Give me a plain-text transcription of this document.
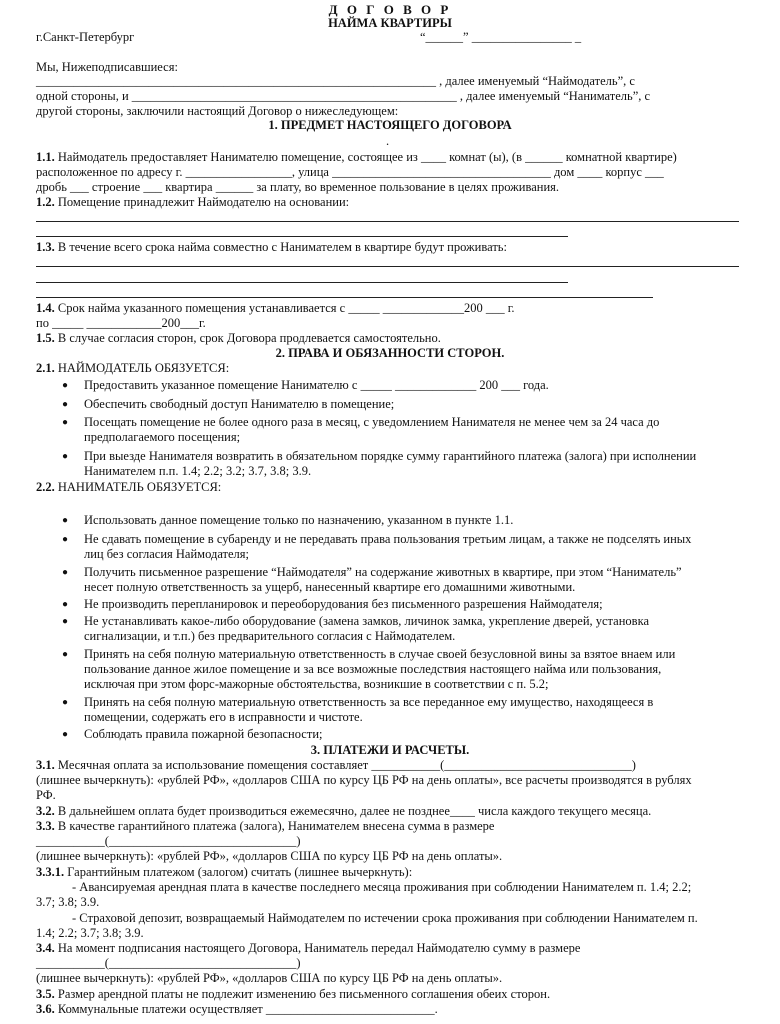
Д О Г О В О Р
НАЙМА КВАРТИРЫ
г.Санкт-Петербург	“______” ________________ _
Мы, Нижеподписавшиеся:
________________________________________________________________ , далее именуемый “Наймодатель”, с
одной стороны, и ____________________________________________________ , далее именуемый “Наниматель”, с
другой стороны, заключили настоящий Договор о нижеследующем:
1. ПРЕДМЕТ НАСТОЯЩЕГО ДОГОВОРА
.
1.1. Наймодатель предоставляет Нанимателю помещение, состоящее из ____ комнат (ы), (в ______ комнатной квартире)
расположенное по адресу г. _________________, улица ___________________________________ дом ____ корпус ___
дробь ___ строение ___ квартира ______ за плату, во временное пользование в целях проживания.
1.2. Помещение принадлежит Наймодателю на основании:
1.3. В течение всего срока найма совместно с Нанимателем в квартире будут проживать:
1.4. Срок найма указанного помещения устанавливается с _____ _____________200 ___ г.
по _____ ____________200___г.
1.5. В случае согласия сторон, срок Договора продлевается самостоятельно.
2. ПРАВА И ОБЯЗАННОСТИ СТОРОН.
2.1. НАЙМОДАТЕЛЬ ОБЯЗУЕТСЯ:
● Предоставить указанное помещение Нанимателю с _____ _____________ 200 ___ года.
● Обеспечить свободный доступ Нанимателю в помещение;
● Посещать помещение не более одного раза в месяц, с уведомлением Нанимателя не менее чем за 24 часа до
предполагаемого посещения;
● При выезде Нанимателя возвратить в обязательном порядке сумму гарантийного платежа (залога) при исполнении
Нанимателем п.п. 1.4; 2.2; 3.2; 3.7, 3.8; 3.9.
2.2. НАНИМАТЕЛЬ ОБЯЗУЕТСЯ:
● Использовать данное помещение только по назначению, указанном в пункте 1.1.
● Не сдавать помещение в субаренду и не передавать права пользования третьим лицам, а также не подселять иных
лиц без согласия Наймодателя;
● Получить письменное разрешение “Наймодателя” на содержание животных в квартире, при этом “Наниматель”
несет полную ответственность за ущерб, нанесенный квартире его домашними животными.
● Не производить перепланировок и переоборудования без письменного разрешения Наймодателя;
● Не устанавливать какое-либо оборудование (замена замков, личинок замка, укрепление дверей, установка
сигнализации, и т.п.) без предварительного согласия с Наймодателем.
● Принять на себя полную материальную ответственность в случае своей безусловной вины за взятое внаем или
пользование данное жилое помещение и за все возможные последствия настоящего найма или пользования,
исключая при этом форс-мажорные обстоятельства, возникшие в соответствии с п. 5.2;
● Принять на себя полную материальную ответственность за все переданное ему имущество, находящееся в
помещении, содержать его в исправности и чистоте.
● Соблюдать правила пожарной безопасности;
3. ПЛАТЕЖИ И РАСЧЕТЫ.
3.1. Месячная оплата за использование помещения составляет ___________(______________________________)
(лишнее вычеркнуть): «рублей РФ», «долларов США по курсу ЦБ РФ на день оплаты», все расчеты производятся в рублях
РФ.
3.2. В дальнейшем оплата будет производиться ежемесячно, далее не позднее____ числа каждого текущего месяца.
3.3. В качестве гарантийного платежа (залога), Нанимателем внесена сумма в размере
___________(______________________________)
(лишнее вычеркнуть): «рублей РФ», «долларов США по курсу ЦБ РФ на день оплаты».
3.3.1. Гарантийным платежом (залогом) считать (лишнее вычеркнуть):
- Авансируемая арендная плата в качестве последнего месяца проживания при соблюдении Нанимателем п. 1.4; 2.2;
3.7; 3.8; 3.9.
- Страховой депозит, возвращаемый Наймодателем по истечении срока проживания при соблюдении Нанимателем п.
1.4; 2.2; 3.7; 3.8; 3.9.
3.4. На момент подписания настоящего Договора, Наниматель передал Наймодателю сумму в размере
___________(______________________________)
(лишнее вычеркнуть): «рублей РФ», «долларов США по курсу ЦБ РФ на день оплаты».
3.5. Размер арендной платы не подлежит изменению без письменного соглашения обеих сторон.
3.6. Коммунальные платежи осуществляет ___________________________.
